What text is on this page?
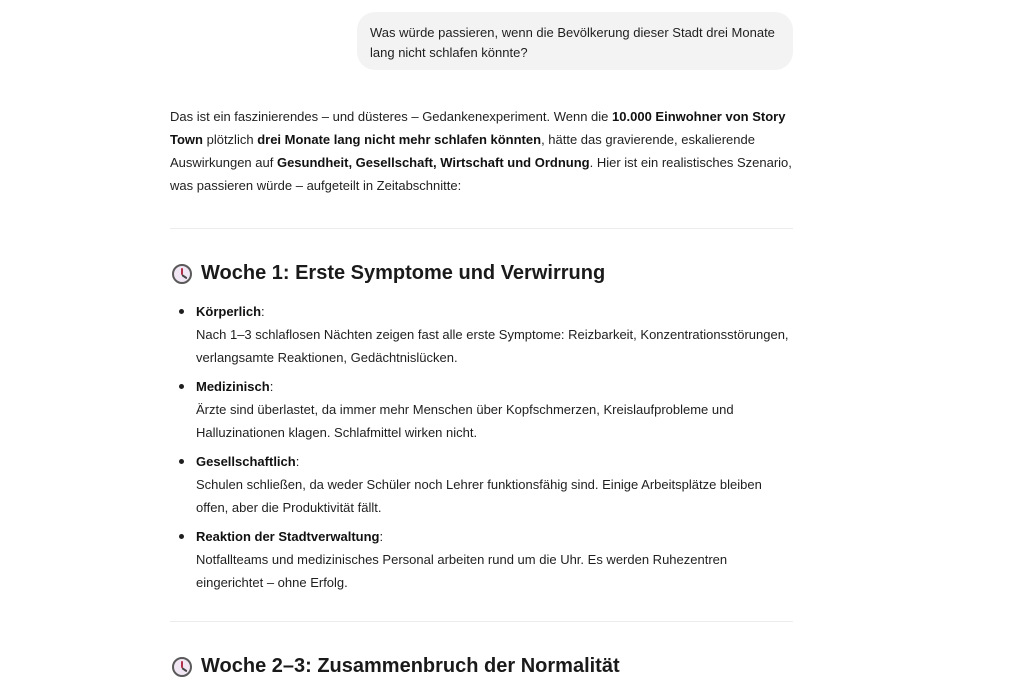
Was würde passieren, wenn die Bevölkerung dieser Stadt drei Monate lang nicht schlafen könnte?

Das ist ein faszinierendes – und düsteres – Gedankenexperiment. Wenn die 10.000 Einwohner von Story Town plötzlich drei Monate lang nicht mehr schlafen könnten, hätte das gravierende, eskalierende Auswirkungen auf Gesundheit, Gesellschaft, Wirtschaft und Ordnung. Hier ist ein realistisches Szenario, was passieren würde – aufgeteilt in Zeitabschnitte:

Woche 1: Erste Symptome und Verwirrung
Körperlich:
Nach 1–3 schlaflosen Nächten zeigen fast alle erste Symptome: Reizbarkeit, Konzentrationsstörungen, verlangsamte Reaktionen, Gedächtnislücken.
Medizinisch:
Ärzte sind überlastet, da immer mehr Menschen über Kopfschmerzen, Kreislaufprobleme und Halluzinationen klagen. Schlafmittel wirken nicht.
Gesellschaftlich:
Schulen schließen, da weder Schüler noch Lehrer funktionsfähig sind. Einige Arbeitsplätze bleiben offen, aber die Produktivität fällt.
Reaktion der Stadtverwaltung:
Notfallteams und medizinisches Personal arbeiten rund um die Uhr. Es werden Ruhezentren eingerichtet – ohne Erfolg.
Woche 2–3: Zusammenbruch der Normalität
